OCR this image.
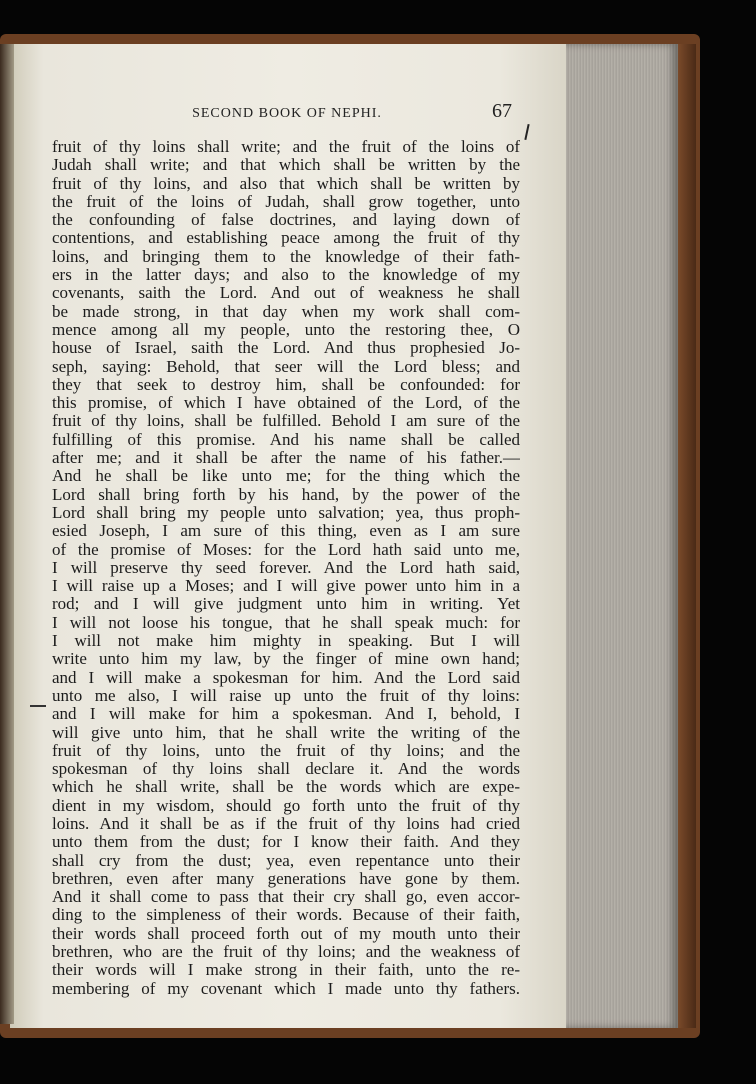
SECOND BOOK OF NEPHI.	67
fruit of thy loins shall write; and the fruit of the loins of
Judah shall write; and that which shall be written by the
fruit of thy loins, and also that which shall be written by
the fruit of the loins of Judah, shall grow together, unto
the confounding of false doctrines, and laying down of
contentions, and establishing peace among the fruit of thy
loins, and bringing them to the knowledge of their fath-
ers in the latter days; and also to the knowledge of my
covenants, saith the Lord. And out of weakness he shall
be made strong, in that day when my work shall com-
mence among all my people, unto the restoring thee, O
house of Israel, saith the Lord. And thus prophesied Jo-
seph, saying: Behold, that seer will the Lord bless; and
they that seek to destroy him, shall be confounded: for
this promise, of which I have obtained of the Lord, of the
fruit of thy loins, shall be fulfilled. Behold I am sure of the
fulfilling of this promise. And his name shall be called
after me; and it shall be after the name of his father.—
And he shall be like unto me; for the thing which the
Lord shall bring forth by his hand, by the power of the
Lord shall bring my people unto salvation; yea, thus proph-
esied Joseph, I am sure of this thing, even as I am sure
of the promise of Moses: for the Lord hath said unto me,
I will preserve thy seed forever. And the Lord hath said,
I will raise up a Moses; and I will give power unto him in a
rod; and I will give judgment unto him in writing. Yet
I will not loose his tongue, that he shall speak much: for
I will not make him mighty in speaking. But I will
write unto him my law, by the finger of mine own hand;
and I will make a spokesman for him. And the Lord said
unto me also, I will raise up unto the fruit of thy loins:
and I will make for him a spokesman. And I, behold, I
will give unto him, that he shall write the writing of the
fruit of thy loins, unto the fruit of thy loins; and the
spokesman of thy loins shall declare it. And the words
which he shall write, shall be the words which are expe-
dient in my wisdom, should go forth unto the fruit of thy
loins. And it shall be as if the fruit of thy loins had cried
unto them from the dust; for I know their faith. And they
shall cry from the dust; yea, even repentance unto their
brethren, even after many generations have gone by them.
And it shall come to pass that their cry shall go, even accor-
ding to the simpleness of their words. Because of their faith,
their words shall proceed forth out of my mouth unto their
brethren, who are the fruit of thy loins; and the weakness of
their words will I make strong in their faith, unto the re-
membering of my covenant which I made unto thy fathers.
